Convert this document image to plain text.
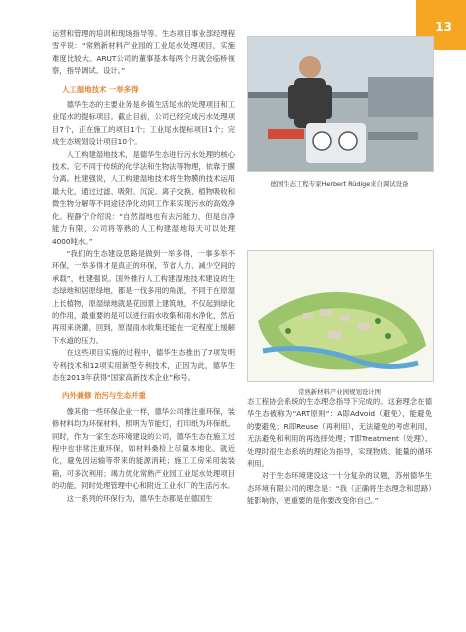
13

运营和管理的培训和现场指导等。生态项目事业部经理程雪平说：“常熟新材料产业园的工业尾水处理项目，实施难度比较大。ARUT公司的董事基本每两个月就会临桥视察，指导调试、设计。”

人工湿地技术 一举多得

德华生态的主要业务是乡镇生活尾水的处理项目和工业尾水的提标项目。截止目前，公司已经完成污水处理项目7个，正在施工的项目1个；工业尾水提标项目1个；完成生态规划设计项目10个。

人工构建湿地技术，是德华生态进行污水处理的核心技术。它不同于传统的化学法和生物法等物理，依靠于膜分离。杜建强说，人工构建湿地技术将生物膜的技术运用最大化，通过过滤、吸附、沉淀、离子交换、植物吸收和微生物分解等不同途径净化动同工作来实现污水的高效净化。程静宁介绍说：“自然湿地也有去污能力，但是自净能力有限，公司将等熟的人工构建湿地每天可以处理4000吨水。”

“我们的生态建设思路是做到一举多得，一事多举不环保，一举多得才是真正的环保，节省人力、减少空间的承载”，杜建强说。国外推行人工构建湿地技术建设的生态绿地和居原绿地，都是一伐多用的角派，不同于在原湿上长植物，原湿绿地就是花园景上建筑地，不仅起到绿化的作用，最重要的是可以进行雨水收集和雨水净化，然后再用来浇灌，回到，原湿雨水收集还能在一定程度上缓解下水道的压力。

在这些项目实施的过程中，德华生态推出了7项发明专利技术和12项实用新型专利技术，正因为此，德华生态在2013年获得“国家高新技术企业”称号。

内外兼修 治污与生态并重

像其他一些环保企业一样，德华公司推注重环保，装修材料均为环保材料，照明为节能灯，打印纸为环保纸。同时，作为一家生态环境建设的公司，德华生态在施工过程中也非常注重环保，如材料桑检上尽量本地化、就近化，避免因运输等带来的能源消耗；施工工房采用装装箱，可多次利用；竭力优化常熟产业园工业尾水处理项目的功能，同时处理管理中心和附近工业水厂的生活污水。

这一系列的环保行为，德华生态都是在德国生

德国生态工程专家Herbert Rüdige来自调试设备
常熟新材料产业园规划设计图

态工程协会系统的生态理念指导下完成的。这套理念在德华生态被称为“ART原则”：A即Advoid（避免），能避免的要避免；R即Reuse（再利用），无法避免的考虑利用，无法避免和利用的再选择处理；T即Treatment（处理）。处理时很生态系统的理论为指导，实现物质、能量的循环利用。

对于生态环境建设这一十分复杂的议题，苏州德华生态环境有限公司的理念是：“我（正确将生态理念和思路）能影响你，更重要的是你要改变你自己。”
